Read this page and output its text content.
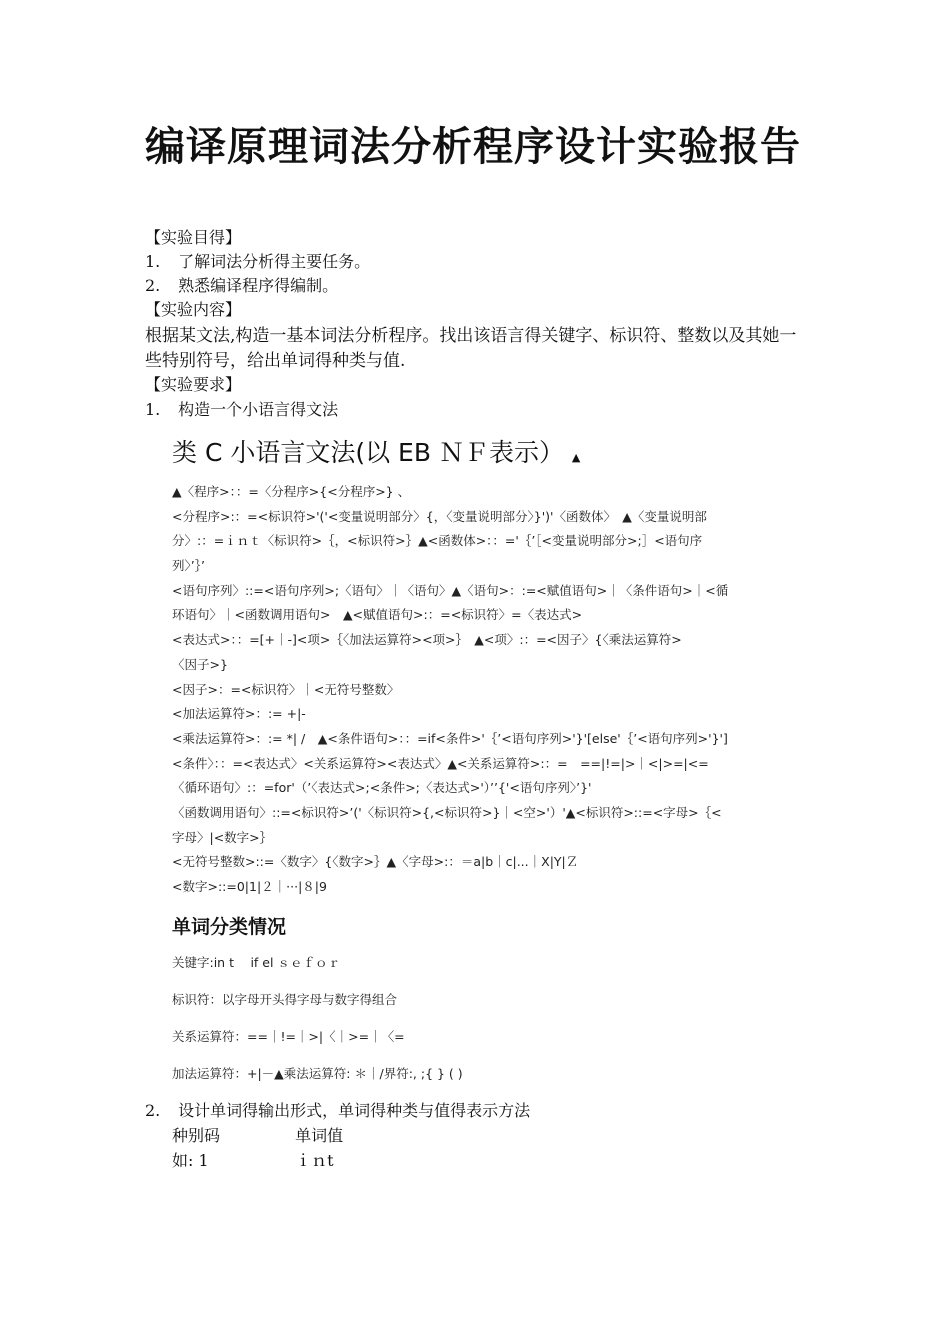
编译原理词法分析程序设计实验报告
【实验目得】
1. 了解词法分析得主要任务。
2. 熟悉编译程序得编制。
【实验内容】
根据某文法,构造一基本词法分析程序。找出该语言得关键字、标识符、整数以及其她一些特别符号，给出单词得种类与值.
【实验要求】
1. 构造一个小语言得文法
类 C 小语言文法(以 EB ＮＦ表示） ▲
▲〈程序>：：=〈分程序>{<分程序>} 、
<分程序>:：=<标识符>'('<变量说明部分〉{，〈变量说明部分〉}')'〈函数体〉　▲〈变量说明部
分〉:：=ｉｎｔ〈标识符>｛，<标识符>｝▲<函数体>：：='｛’［<变量说明部分>;］<语句序
列〉’｝’
<语句序列〉::=<语句序列>;〈语句〉｜〈语句〉▲〈语句>：:=<赋值语句>｜〈条件语句>｜<循
环语句〉｜<函数调用语句>　▲<赋值语句>:：=<标识符〉=〈表达式>
<表达式>：：=[+｜-]<项>｛〈加法运算符><项>｝　▲<项〉:：=<因子〉{〈乘法运算符>
〈因子>}
<因子>：=<标识符〉｜<无符号整数〉
<加法运算符>：:= +|-
<乘法运算符>：:= *| /　▲<条件语句>：：=if<条件>'｛’<语句序列>'}'[else'｛’<语句序列>'}']
<条件〉：：=<表达式〉<关系运算符><表达式〉▲<关系运算符>:：=　==|!=|>｜<|>=|<=
〈循环语句〉:：=for'（’〈表达式>;<条件>;〈表达式>'）’’{'<语句序列〉’}'
〈函数调用语句〉::=<标识符>’('〈标识符>{,<标识符>}｜<空>'）'▲<标识符>::=<字母>｛<
字母〉|<数字>｝
<无符号整数>::=〈数字〉{〈数字>｝▲〈字母>:：＝a|b｜c|...｜X|Y|Ｚ
<数字>::=0|1|２｜···|８|9
单词分类情况
关键字:in t　 if el ｓｅｆｏｒ
标识符：以字母开头得字母与数字得组合
关系运算符：==｜!=｜>|〈｜>=｜〈=
加法运算符：+|－▲乘法运算符: ＊｜/界符:, ;{ } ( )
2. 设计单词得输出形式，单词得种类与值得表示方法
种别码	单词值
如: 1	ｉｎt
